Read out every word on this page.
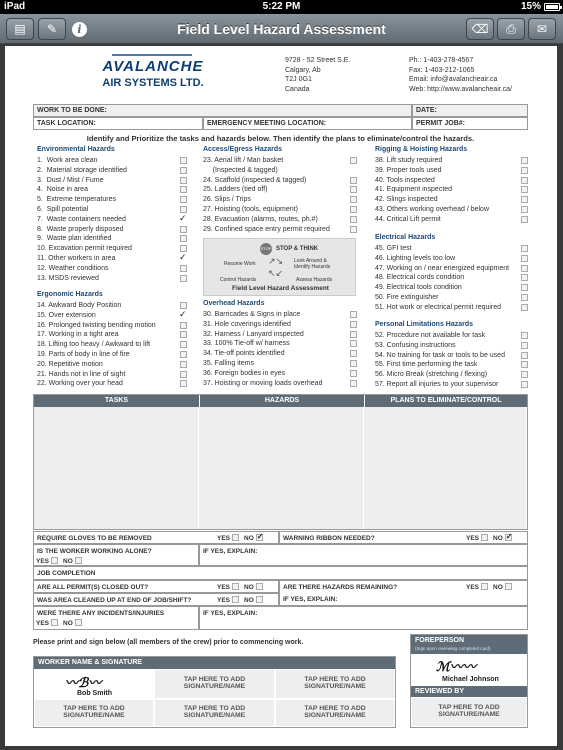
iPad	5:22 PM	15%
▤	✎	i	Field Level Hazard Assessment	⌫	⎙	✉
AVALANCHE
AIR SYSTEMS LTD.
9728 - 52 Street S.E.
Calgary, Ab
T2J 0G1
Canada
Ph.: 1-403-278-4567
Fax: 1-403-212-1065
Email: info@avalancheair.ca
Web: http://www.avalancheair.ca/
WORK TO BE DONE:	DATE:
TASK LOCATION:	EMERGENCY MEETING LOCATION:	PERMIT JOB#:
Identify and Prioritize the tasks and hazards below. Then identify the plans to eliminate/control the hazards.
Environmental Hazards
1.  Work area clean
2.  Material storage identified
3.  Dust / Mist / Fume
4.  Noise in area
5.  Extreme temperatures
6.  Spill potential
7.  Waste containers needed	✓
8.  Waste properly disposed
9.  Waste plan identified
10. Excavation permit required
11. Other workers in area	✓
12. Weather conditions
13. MSDS reviewed
Ergonomic Hazards
14. Awkward Body Position
15. Over extension	✓
16. Prolonged twisting bending motion
17. Working in a tight area
18. Lifting too heavy / Awkward to lift
19. Parts of body in line of fire
20. Repetitive motion
21. Hands not in line of sight
22. Working over your head
Access/Egress Hazards
23. Aerial lift / Man basket
(Inspected & tagged)
24. Scaffold (inspected & tagged)
25. Ladders (tied off)
26. Slips / Trips
27. Hoisting (tools, equipment)
28. Evacuation (alarms, routes, ph.#)
29. Confined space entry permit required
STOP STOP & THINK
Resume Work	Look Around &
Identify Hazards
Control Hazards	Assess Hazards
↗↘
↖↙
Field Level Hazard Assessment
Overhead Hazards
30. Barricades & Signs in place
31. Hole coverings identified
32. Harness / Lanyard inspected
33. 100% Tie-off w/ harness
34. Tie-off points identified
35. Falling items
36. Foreign bodies in eyes
37. Hoisting or moving loads overhead
Rigging & Hoisting Hazards
38. Lift study required
39. Proper tools used
40. Tools inspected
41. Equipment inspected
42. Slings inspected
43. Others working overhead / below
44. Critical Lift permit
Electrical Hazards
45. GFI test
46. Lighting levels too low
47. Working on / near energized equipment
48. Electrical cords condition
49. Electrical tools condition
50. Fire extinguisher
51. Hot work or electrical permit required
Personal Limitations Hazards
52. Procedure not available for task
53. Confusing instructions
54. No training for task or tools to be used
55. First time performing the task
56. Micro Break (stretching / flexing)
57. Report all injuries to your supervisor
TASKS	HAZARDS	PLANS TO ELIMINATE/CONTROL
REQUIRE GLOVES TO BE REMOVED	YES NO✓	WARNING RIBBON NEEDED?	YES NO✓
IS THE WORKER WORKING ALONE?
YES NO
IF YES, EXPLAIN:
JOB COMPLETION
ARE ALL PERMIT(S) CLOSED OUT?	YES NO	ARE THERE HAZARDS REMAINING?
IF YES, EXPLAIN:
YES NO
WAS AREA CLEANED UP AT END OF JOB/SHIFT?	YES NO
WERE THERE ANY INCIDENTS/INJURIES
YES NO
IF YES, EXPLAIN:
Please print and sign below (all members of the crew) prior to commencing work.
WORKER NAME & SIGNATURE
〰ℬ〰
Bob Smith
TAP HERE TO ADD SIGNATURE/NAME
TAP HERE TO ADD SIGNATURE/NAME
TAP HERE TO ADD SIGNATURE/NAME
TAP HERE TO ADD SIGNATURE/NAME
TAP HERE TO ADD SIGNATURE/NAME
FOREPERSON
(Sign upon reviewing completed card)
ℳ〰〰
Michael Johnson
REVIEWED BY
TAP HERE TO ADD SIGNATURE/NAME
